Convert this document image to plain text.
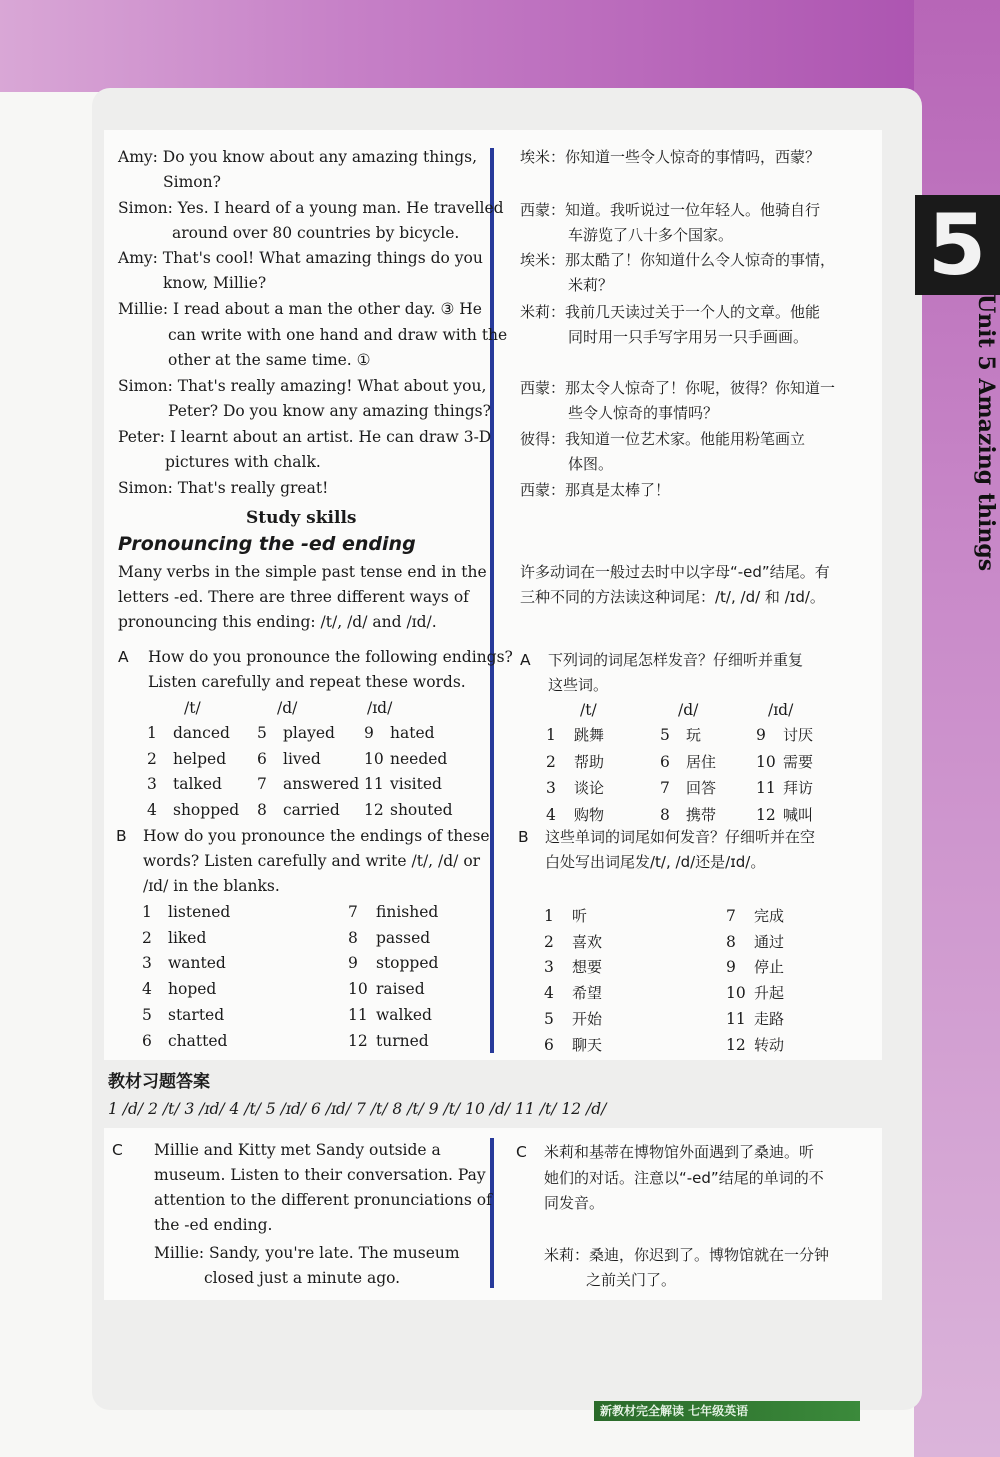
5
Unit 5 Amazing things
Amy: Do you know about any amazing things,
Simon?
Simon: Yes. I heard of a young man. He travelled
around over 80 countries by bicycle.
Amy: That's cool! What amazing things do you
know, Millie?
Millie: I read about a man the other day. ③ He
can write with one hand and draw with the
other at the same time. ①
Simon: That's really amazing! What about you,
Peter? Do you know any amazing things?
Peter: I learnt about an artist. He can draw 3-D
pictures with chalk.
Simon: That's really great!
埃米：你知道一些令人惊奇的事情吗，西蒙？
西蒙：知道。我听说过一位年轻人。他骑自行
车游览了八十多个国家。
埃米：那太酷了！你知道什么令人惊奇的事情，
米莉？
米莉：我前几天读过关于一个人的文章。他能
同时用一只手写字用另一只手画画。
西蒙：那太令人惊奇了！你呢，彼得？你知道一
些令人惊奇的事情吗？
彼得：我知道一位艺术家。他能用粉笔画立
体图。
西蒙：那真是太棒了！
Study skills
Pronouncing the -ed ending
Many verbs in the simple past tense end in the
letters -ed. There are three different ways of
pronouncing this ending: /t/, /d/ and /ɪd/.
许多动词在一般过去时中以字母“-ed”结尾。有
三种不同的方法读这种词尾：/t/, /d/ 和 /ɪd/。
A How do you pronounce the following endings?
Listen carefully and repeat these words.
/t/	/d/	/ɪd/
1 danced 5 played 9 hated
2 helped 6 lived	10 needed
3 talked 7 answered 11 visited
4 shopped 8 carried 12 shouted
A 下列词的词尾怎样发音？仔细听并重复
这些词。
/t/	/d/	/ɪd/
1 跳舞	5 玩	9 讨厌
2 帮助	6 居住	10 需要
3 谈论	7 回答	11 拜访
4 购物	8 携带	12 喊叫
B How do you pronounce the endings of these
words? Listen carefully and write /t/, /d/ or
/ɪd/ in the blanks.
1 listened	7 finished
2 liked	8 passed
3 wanted	9 stopped
4 hoped	10 raised
5 started	11 walked
6 chatted	12 turned
B 这些单词的词尾如何发音？仔细听并在空
白处写出词尾发/t/, /d/还是/ɪd/。
1 听	7 完成
2 喜欢	8 通过
3 想要	9 停止
4 希望	10 升起
5 开始	11 走路
6 聊天	12 转动
教材习题答案
1 /d/ 2 /t/ 3 /ɪd/ 4 /t/ 5 /ɪd/ 6 /ɪd/ 7 /t/ 8 /t/ 9 /t/ 10 /d/ 11 /t/ 12 /d/
C Millie and Kitty met Sandy outside a
museum. Listen to their conversation. Pay
attention to the different pronunciations of
the -ed ending.
Millie: Sandy, you're late. The museum
closed just a minute ago.
C 米莉和基蒂在博物馆外面遇到了桑迪。听
她们的对话。注意以“-ed”结尾的单词的不
同发音。
米莉：桑迪，你迟到了。博物馆就在一分钟
之前关门了。
新教材完全解读 七年级英语
